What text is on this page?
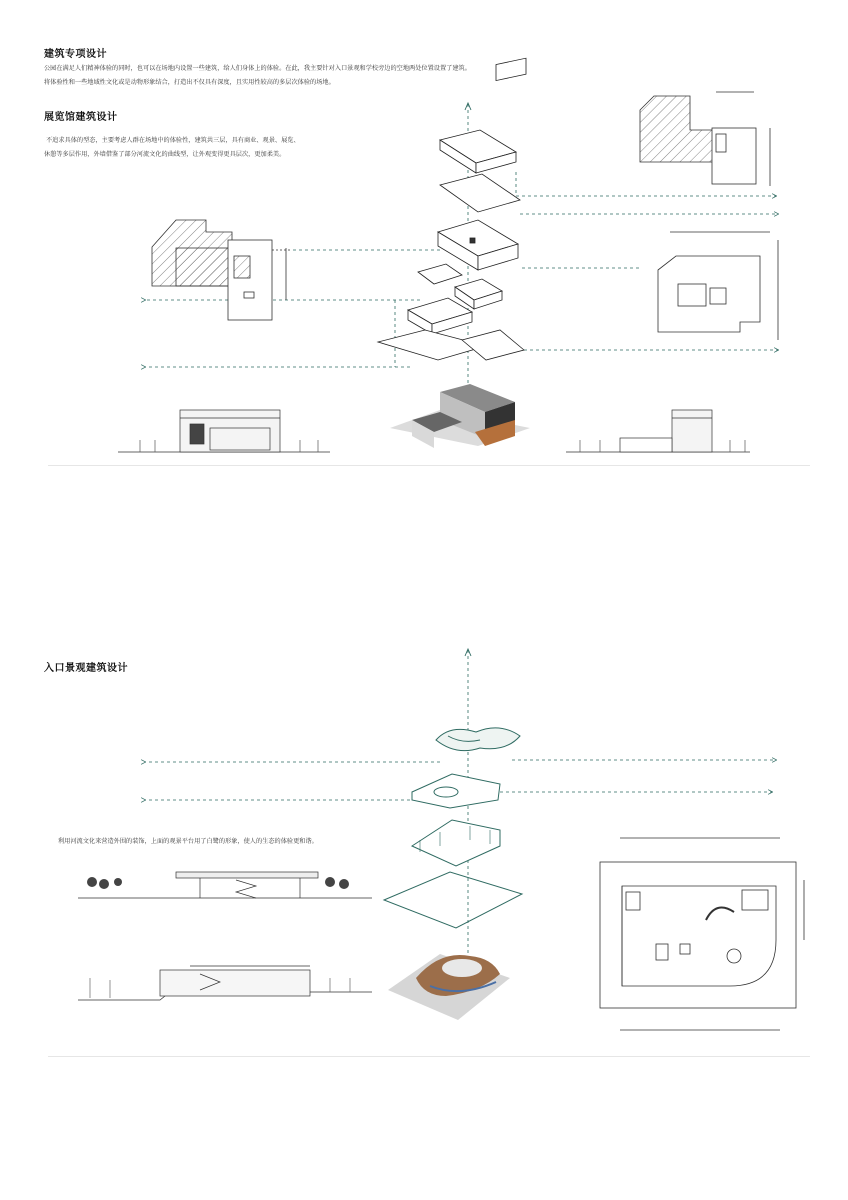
建筑专项设计
公园在满足人们精神体验的同时，也可以在场地内设置一些建筑，给人们身体上的体验。在此，我主要针对入口景观和学校旁边的空地两处位置设置了建筑。
将体验性和一些地域性文化或是动物形象结合，打造出不仅具有深度，且实用性较高的多层次体验的场地。
展览馆建筑设计
不追求具体的型态，主要考虑人群在场地中的体验性，建筑共三层，具有商业、观景、展览、
休憩等多层作用，外墙借鉴了部分河流文化的曲线型，让外观变得更具层次，更加柔美。
入口景观建筑设计
利用河流文化来营造外围的装饰，上面的观景平台用了白鹭的形象，使人的生态的体验更和谐。
